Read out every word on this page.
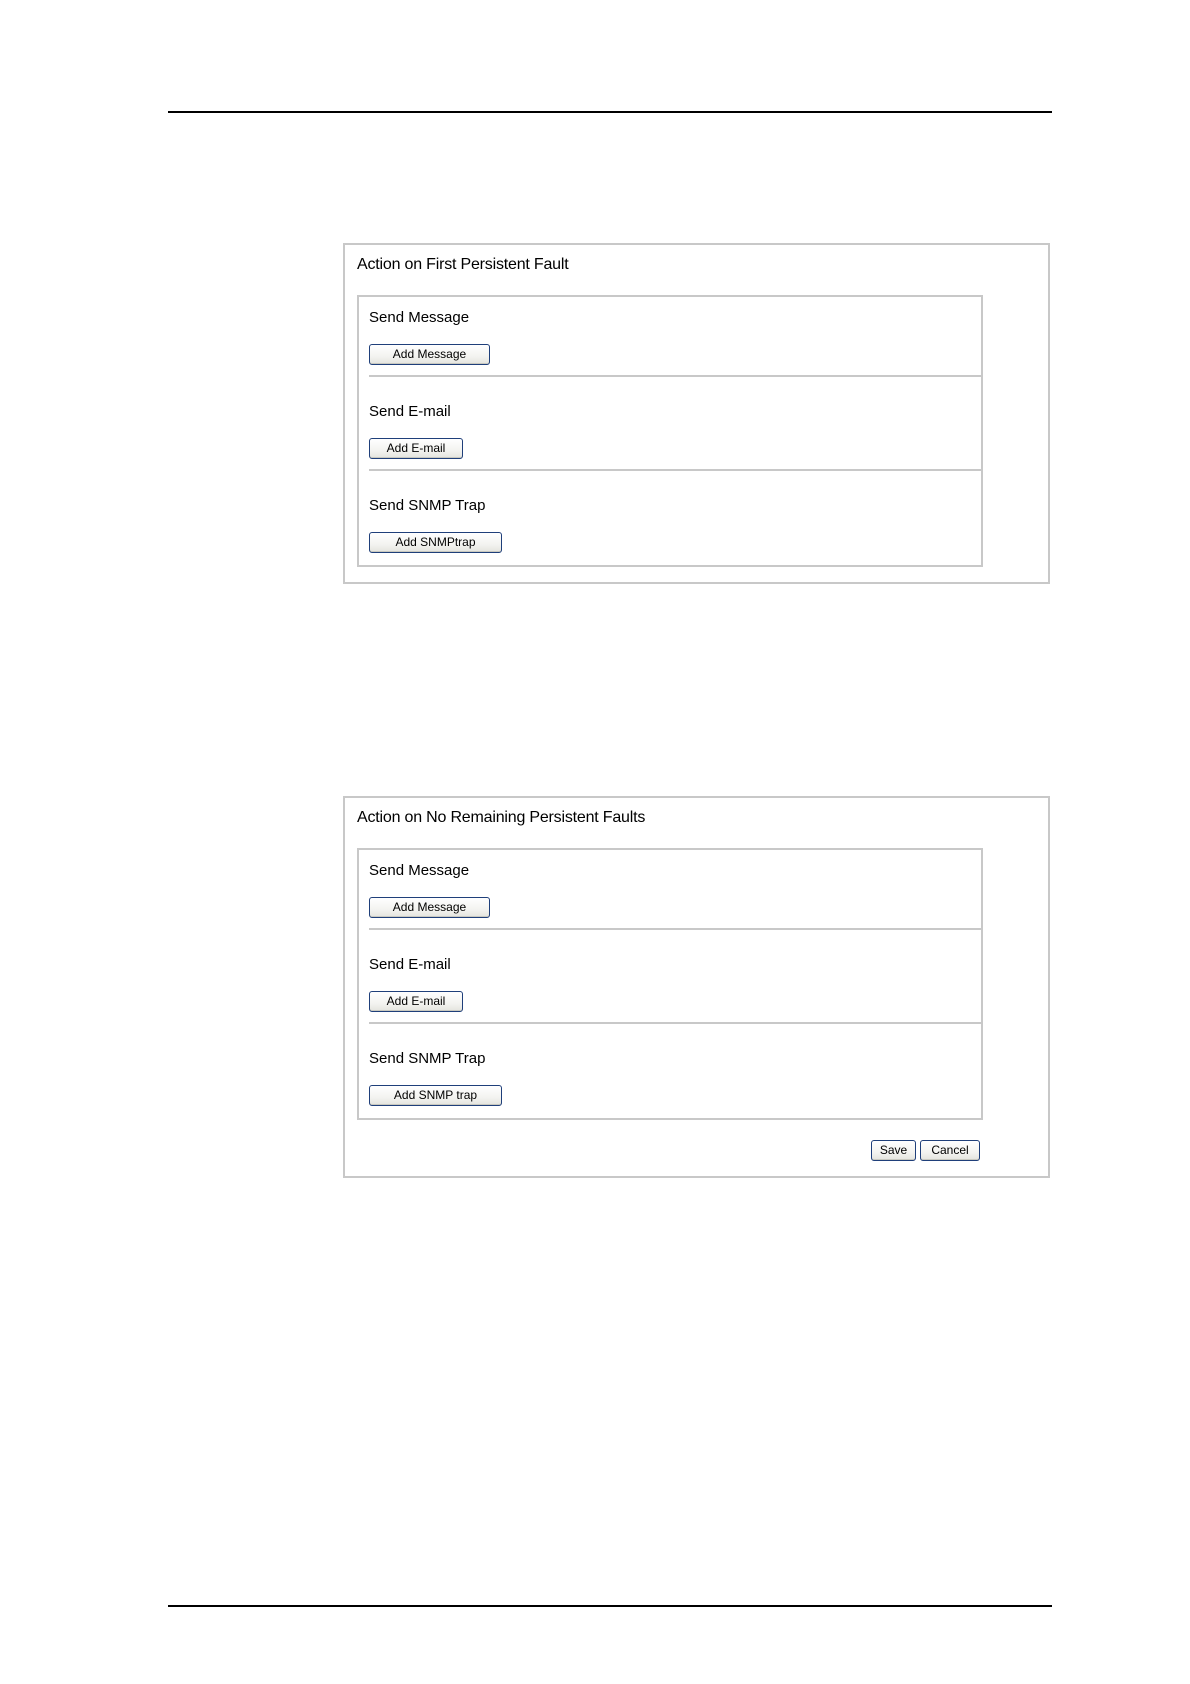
Action on First Persistent Fault
Send Message
Add Message
Send E-mail
Add E-mail
Send SNMP Trap
Add SNMPtrap
Action on No Remaining Persistent Faults
Send Message
Add Message
Send E-mail
Add E-mail
Send SNMP Trap
Add SNMP trap
Save Cancel
